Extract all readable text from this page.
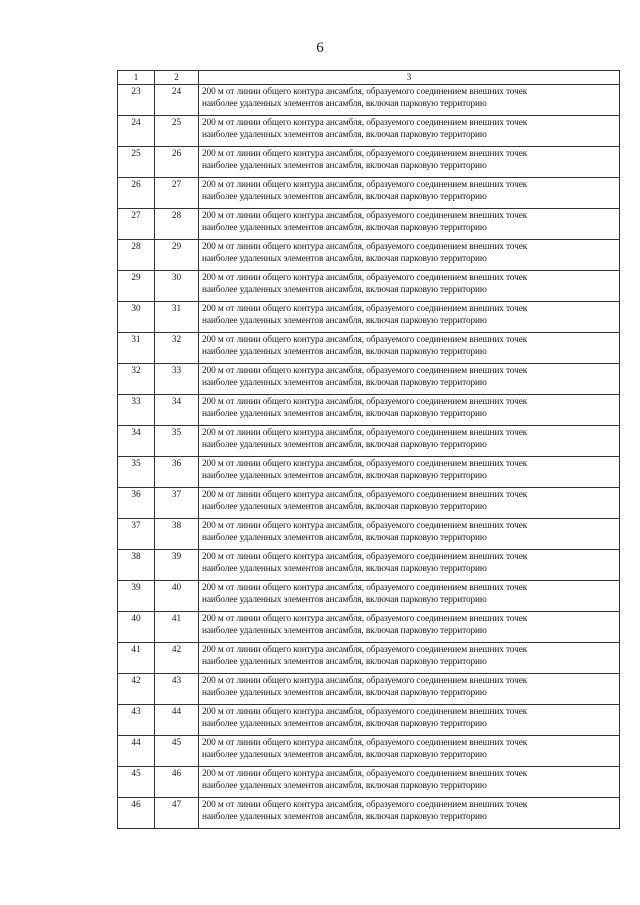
6
1	2	3
23	24	200 м от линии общего контура ансамбля, образуемого соединением внешних точек
наиболее удаленных элементов ансамбля, включая парковую территорию

24	25	200 м от линии общего контура ансамбля, образуемого соединением внешних точек
наиболее удаленных элементов ансамбля, включая парковую территорию

25	26	200 м от линии общего контура ансамбля, образуемого соединением внешних точек
наиболее удаленных элементов ансамбля, включая парковую территорию

26	27	200 м от линии общего контура ансамбля, образуемого соединением внешних точек
наиболее удаленных элементов ансамбля, включая парковую территорию

27	28	200 м от линии общего контура ансамбля, образуемого соединением внешних точек
наиболее удаленных элементов ансамбля, включая парковую территорию

28	29	200 м от линии общего контура ансамбля, образуемого соединением внешних точек
наиболее удаленных элементов ансамбля, включая парковую территорию

29	30	200 м от линии общего контура ансамбля, образуемого соединением внешних точек
наиболее удаленных элементов ансамбля, включая парковую территорию

30	31	200 м от линии общего контура ансамбля, образуемого соединением внешних точек
наиболее удаленных элементов ансамбля, включая парковую территорию

31	32	200 м от линии общего контура ансамбля, образуемого соединением внешних точек
наиболее удаленных элементов ансамбля, включая парковую территорию

32	33	200 м от линии общего контура ансамбля, образуемого соединением внешних точек
наиболее удаленных элементов ансамбля, включая парковую территорию

33	34	200 м от линии общего контура ансамбля, образуемого соединением внешних точек
наиболее удаленных элементов ансамбля, включая парковую территорию

34	35	200 м от линии общего контура ансамбля, образуемого соединением внешних точек
наиболее удаленных элементов ансамбля, включая парковую территорию

35	36	200 м от линии общего контура ансамбля, образуемого соединением внешних точек
наиболее удаленных элементов ансамбля, включая парковую территорию

36	37	200 м от линии общего контура ансамбля, образуемого соединением внешних точек
наиболее удаленных элементов ансамбля, включая парковую территорию

37	38	200 м от линии общего контура ансамбля, образуемого соединением внешних точек
наиболее удаленных элементов ансамбля, включая парковую территорию

38	39	200 м от линии общего контура ансамбля, образуемого соединением внешних точек
наиболее удаленных элементов ансамбля, включая парковую территорию

39	40	200 м от линии общего контура ансамбля, образуемого соединением внешних точек
наиболее удаленных элементов ансамбля, включая парковую территорию

40	41	200 м от линии общего контура ансамбля, образуемого соединением внешних точек
наиболее удаленных элементов ансамбля, включая парковую территорию

41	42	200 м от линии общего контура ансамбля, образуемого соединением внешних точек
наиболее удаленных элементов ансамбля, включая парковую территорию

42	43	200 м от линии общего контура ансамбля, образуемого соединением внешних точек
наиболее удаленных элементов ансамбля, включая парковую территорию

43	44	200 м от линии общего контура ансамбля, образуемого соединением внешних точек
наиболее удаленных элементов ансамбля, включая парковую территорию

44	45	200 м от линии общего контура ансамбля, образуемого соединением внешних точек
наиболее удаленных элементов ансамбля, включая парковую территорию

45	46	200 м от линии общего контура ансамбля, образуемого соединением внешних точек
наиболее удаленных элементов ансамбля, включая парковую территорию

46	47	200 м от линии общего контура ансамбля, образуемого соединением внешних точек
наиболее удаленных элементов ансамбля, включая парковую территорию
